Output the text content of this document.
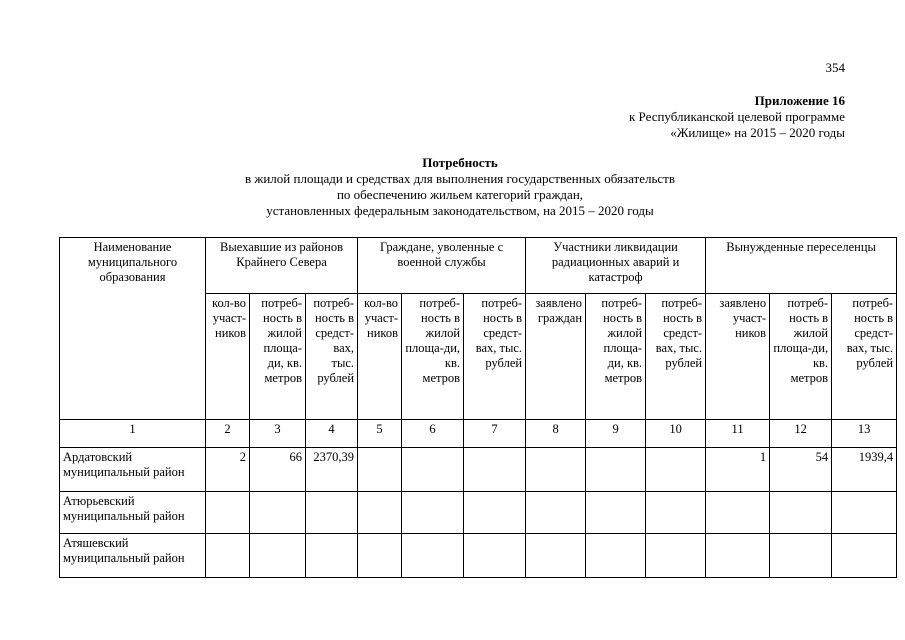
354
Приложение 16
к Республиканской целевой программе
«Жилище» на 2015 – 2020 годы
Потребность
в жилой площади и средствах для выполнения государственных обязательств
по обеспечению жильем категорий граждан,
установленных федеральным законодательством, на 2015 – 2020 годы
Наименование муниципального образования	Выехавшие из районов Крайнего Севера			Граждане, уволенные с военной службы			Участники ликвидации радиационных аварий и катастроф			Вынужденные переселенцы		
	кол-во участ-ников	потреб-ность в жилой площа-ди, кв. метров	потреб-ность в средст-вах, тыс. рублей	кол-во участ-ников	потреб-ность в жилой площа-ди, кв. метров	потреб-ность в средст-вах, тыс. рублей	заявлено граждан	потреб-ность в жилой площа-ди, кв. метров	потреб-ность в средст-вах, тыс. рублей	заявлено участ-ников	потреб-ность в жилой площа-ди, кв. метров	потреб-ность в средст-вах, тыс. рублей
1	2	3	4	5	6	7	8	9	10	11	12	13
Ардатовский муниципальный район	2	66	2370,39							1	54	1939,4
Атюрьевский муниципальный район												
Атяшевский муниципальный район												
